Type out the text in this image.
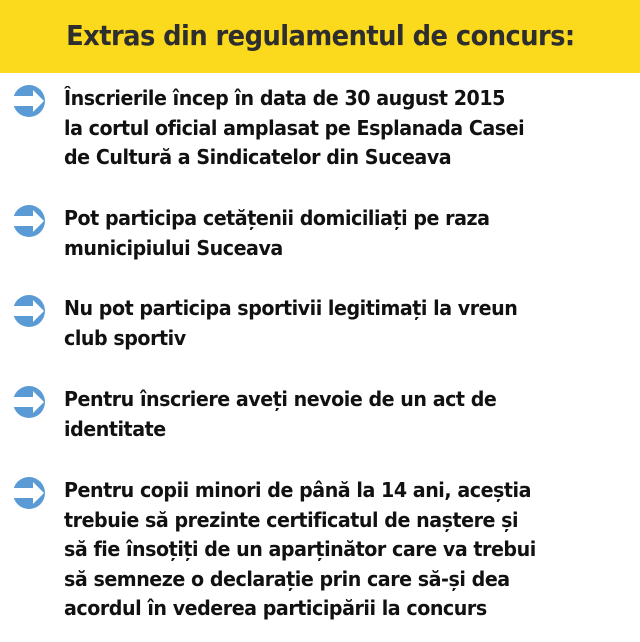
Extras din regulamentul de concurs:
Înscrierile încep în data de 30 august 2015
la cortul oficial amplasat pe Esplanada Casei
de Cultură a Sindicatelor din Suceava
Pot participa cetățenii domiciliați pe raza
municipiului Suceava
Nu pot participa sportivii legitimați la vreun
club sportiv
Pentru înscriere aveți nevoie de un act de
identitate
Pentru copii minori de până la 14 ani, aceștia
trebuie să prezinte certificatul de naștere și
să fie însoțiți de un aparținător care va trebui
să semneze o declarație prin care să-și dea
acordul în vederea participării la concurs
